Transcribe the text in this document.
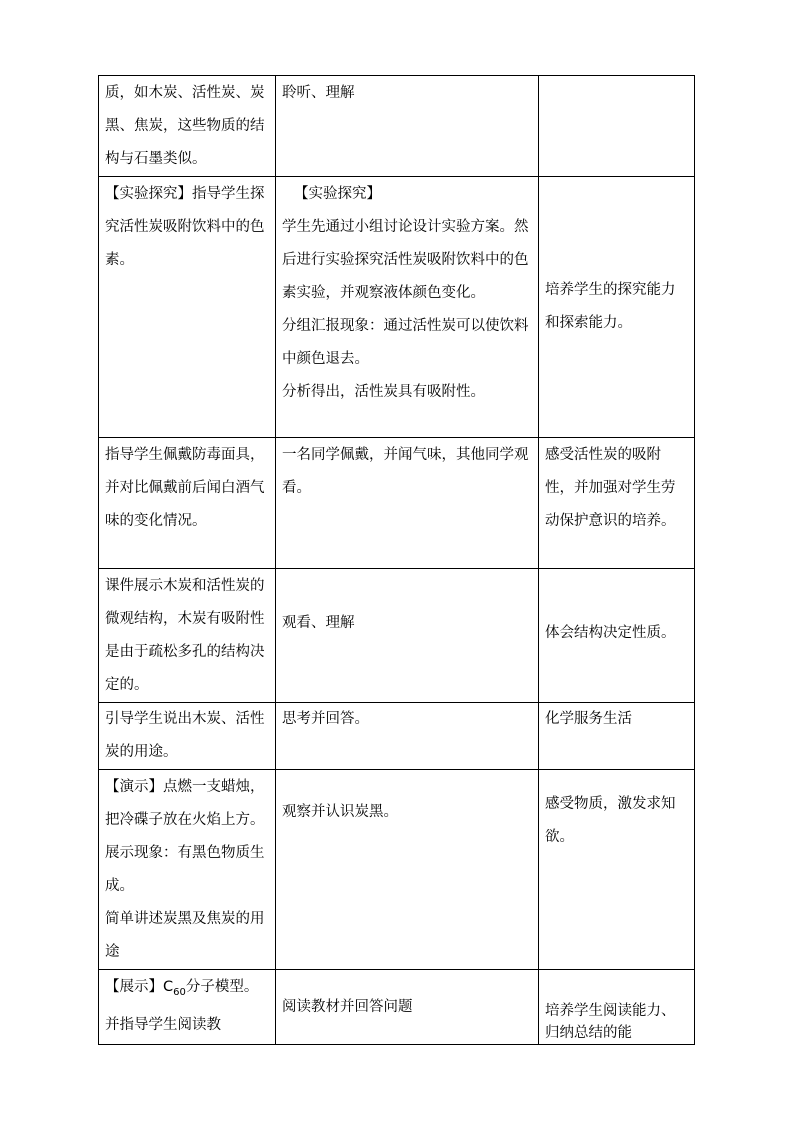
质，如木炭、活性炭、炭黑、焦炭，这些物质的结构与石墨类似。	聆听、理解	

【实验探究】指导学生探究活性炭吸附饮料中的色素。	【实验探究】
学生先通过小组讨论设计实验方案。然后进行实验探究活性炭吸附饮料中的色素实验，并观察液体颜色变化。
分组汇报现象：通过活性炭可以使饮料中颜色退去。
分析得出，活性炭具有吸附性。	培养学生的探究能力和探索能力。

指导学生佩戴防毒面具，并对比佩戴前后闻白酒气味的变化情况。	一名同学佩戴，并闻气味，其他同学观看。	感受活性炭的吸附性，并加强对学生劳动保护意识的培养。

课件展示木炭和活性炭的微观结构，木炭有吸附性是由于疏松多孔的结构决定的。	观看、理解	体会结构决定性质。

引导学生说出木炭、活性炭的用途。	思考并回答。	化学服务生活

【演示】点燃一支蜡烛，把冷碟子放在火焰上方。展示现象：有黑色物质生成。
简单讲述炭黑及焦炭的用途	观察并认识炭黑。	感受物质，激发求知欲。

【展示】$C_{60}$分子模型。并指导学生阅读教	阅读教材并回答问题	培养学生阅读能力、归纳总结的能
